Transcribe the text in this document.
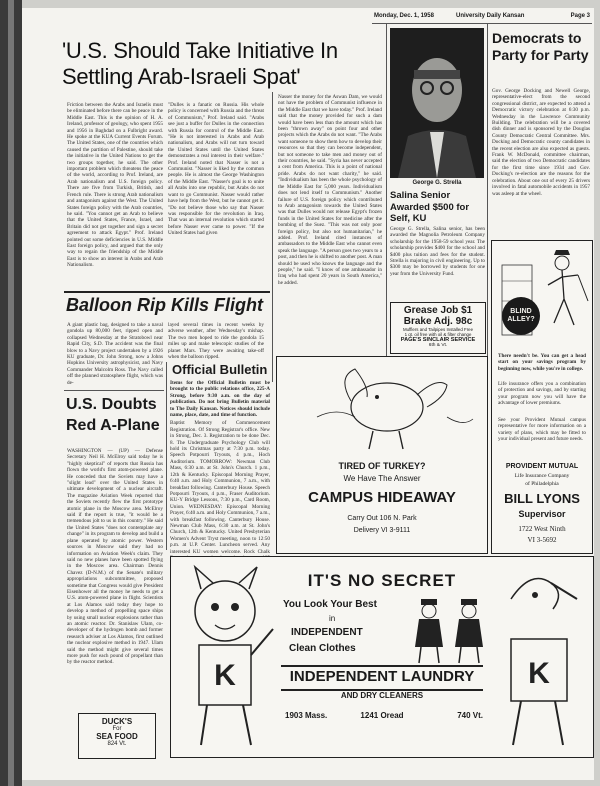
Monday, Dec. 1, 1958	University Daily Kansan	Page 3
'U.S. Should Take Initiative In Settling Arab-Israeli Spat'
Friction between the Arabs and Israelis must be eliminated before there can be peace in the Middle East. This is the opinion of H. A. Ireland, professor of geology, who spent 1955 and 1956 in Baghdad on a Fulbright award. He spoke at the KUA Current Events Forum. The United States, one of the countries which caused the partition of Palestine, should take the initiative in the United Nations to get the two groups together, he said. The other important problem which threatens the peace of the world, according to Prof. Ireland, are Arab nationalism and U.S. foreign policy. There are five from Turkish, British, and French rule. There is strong Arab nationalism and antagonism against the West. The United States foreign policy with the Arab countries, he said. "You cannot get an Arab to believe that the United States, France, Israel, and Britain did not get together and sign a secret agreement to attack Egypt." Prof. Ireland pointed out some deficiencies in U.S. Middle East foreign policy, and argued that the only way to regain the friendship of the Middle East is to show an interest in Arabs and Arab Nationalism.
"Dulles is a fanatic on Russia. His whole policy is concerned with Russia and the threat of Communism," Prof. Ireland said. "Arabs see just a buffer for Dulles in the connection with Russia for control of the Middle East. "He is not interested in Arabs and Arab nationalism, and Arabs will not turn toward the United States until the United States demonstrates a real interest in their welfare." Prof. Ireland noted that Nasser is not a Communist. "Nasser is liked by the common people. He is almost the George Washington of the Middle East. "Nasser's goal is to unite all Arabs into one republic, but Arabs do not want to go Communist. Nasser would rather have help from the West, but he cannot get it. "Do not believe those who say that Nasser was responsible for the revolution in Iraq. That was an internal revolution which started before Nasser ever came to power. "If the United States had given
Nasser the money for the Aswan Dam, we would not have the problem of Communist influence in the Middle East that we have today." Prof. Ireland said that the money provided for such a dam would have been less than the amount which has been "thrown away" on point four and other projects which the Arabs do not want. "The Arabs want someone to show them how to develop their resources so that they can become independent, but not someone to take men and money out of their countries, he said. "Syria has never accepted a cent from America. This is a point of national pride. Arabs do not want charity," he said. "Individualism has been the whole psychology of the Middle East for 5,000 years. Individualism does not lend itself to Communism." Another failure of U.S. foreign policy which contributed to Arab antagonism towards the United States was that Dulles would not release Egypt's frozen funds in the United States for medicine after the bombing of the Suez. "This was not only poor foreign policy, but also not humanitarian," he added. Prof. Ireland cited instances of ambassadors to the Middle East who cannot even speak the language. "A person goes two years to a post, and then he is shifted to another post. A man should be used who knows the language and the people," he said. "I know of one ambassador in Iraq who had spent 20 years in South America," he added.
Balloon Rip Kills Flight
A giant plastic bag, designed to take a naval gondola up 80,000 feet, ripped open and collapsed Wednesday at the Stratobowl near Rapid City, S.D. The accident was the final blow to a Navy project undertaken by a 1926 KU graduate, Dr. John Strong, now a Johns Hopkins University astrophysicist, and Navy Commander Malcolm Ross. The Navy called off the planned stratosphere flight, which was de-
layed several times in recent weeks by adverse weather, after Wednesday's mishap. The two men hoped to ride the gondola 15 miles up and make telescopic studies of the planet Mars. They were awaiting take-off when the balloon ripped.
U.S. Doubts Red A-Plane
WASHINGTON — (UP) — Defense Secretary Neil H. McElroy said today he is "highly skeptical" of reports that Russia has flown the world's first atom-powered plane. He conceded that the Soviets may have a "slight lead" over the United States in ultimate development of a nuclear aircraft. The magazine Aviation Week reported that the Soviets recently flew the first prototype atomic plane in the Moscow area. McElroy said if the report is true, "it would be a tremendous jolt to us in this country." He said the United States "does not contemplate any change" in its program to develop and build a plane operated by atomic power. Western sources in Moscow said they had no information on Aviation Week's claim. They said no new planes have been spotted flying in the Moscow area. Chairman Dennis Chavez (D-N.M.) of the Senate's military appropriations subcommittee, proposed sometime that Congress would give President Eisenhower all the money he needs to get a U.S. atom-powered plane in flight. Scientists at Los Alamos said today they hope to develop a method of propelling space ships by using small nuclear explosions rather than an atomic reactor. Dr. Stanislaw Ulam, co-developer of the hydrogen bomb and former research adviser at Los Alamos, first outlined the nuclear explosive method in 1947. Ulam said the method might give several times more push for each pound of propellant than by the reactor method.
DUCK'S
For
SEA FOOD
824 Vt.
Official Bulletin
Items for the Official Bulletin must be brought to the public relations office, 225-A Strong, before 9:30 a.m. on the day of publication. Do not bring Bulletin material to The Daily Kansan. Notices should include name, place, date, and time of function.
Baptist Memory of Commencement Registration. Of Strong Registrar's office. New in Strong, Dec. 3. Registration to be done Dec. 8. The Undergraduate Psychology Club will hold its Christmas party at 7:30 p.m. today. Speech Potpourri Tryouts, 4 p.m., Hoch Auditorium. TOMORROW: Newman Club Mass, 6:30 a.m. at St. John's Church. 1 p.m., 12th & Kentucky. Episcopal Morning Prayer, 6:40 a.m. and Holy Communion, 7 a.m., with breakfast following. Canterbury House. Speech Potpourri Tryouts, 4 p.m., Fraser Auditorium. KU-Y Bridge Lessons, 7:30 p.m., Card Room, Union. WEDNESDAY: Episcopal Morning Prayer, 6:40 a.m. and Holy Communion, 7 a.m., with breakfast following. Canterbury House. Newman Club Mass, 6:30 a.m. at St. John's Church, 12th & Kentucky. United Presbyterian Women's Advent Tryst meeting, noon to 12:50 p.m. at U.P. Center. Luncheon served. Any interested KU women welcome. Rock Chalk
George G. Strella
Salina Senior Awarded $500 for Self, KU
George G. Strella, Salina senior, has been awarded the Magnolia Petroleum Company scholarship for the 1958-59 school year. The scholarship provides $400 for the school and $400 plus tuition and fees for the student. Strella is majoring in civil engineering. Up to $300 may be borrowed by students for one year from the University Fund.
Grease Job $1
Brake Adj. 98c
Mufflers and Tailpipes Installed Free
1 qt. oil free with oil & filter change
PAGE'S SINCLAIR SERVICE
6th & Vt.
Democrats to Party for Party
Gov. George Docking and Newell George, representative-elect from the second congressional district, are expected to attend a Democratic victory celebration at 6:30 p.m. Wednesday in the Lawrence Community Building. The celebration will be a covered dish dinner and is sponsored by the Douglas County Democratic Central Committee. Mrs. Docking and Democratic county candidates in the recent election are also expected as guests. Frank W. McDonald, committee chairman, said the election of two Democratic candidates for the first time since 1934 and Gov. Docking's re-election are the reasons for the celebration. About one out of every 25 drivers involved in fatal automobile accidents in 1957 was asleep at the wheel.
BLIND ALLEY?
There needn't be. You can get a head start on your savings program by beginning now, while you're in college.
Life insurance offers you a combination of protection and savings, and by starting your program now you will have the advantage of lower premiums.
See your Provident Mutual campus representative for more information on a variety of plans, which may be fitted to your individual present and future needs.
PROVIDENT MUTUAL
Life Insurance Company
of Philadelphia
BILL LYONS
Supervisor
1722 West Ninth
VI 3-5692
TIRED OF TURKEY?
We Have The Answer
CAMPUS HIDEAWAY
Carry Out 106 N. Park
Delivery VI 3-9111
K	K
IT'S NO SECRET
You Look Your Best
in
INDEPENDENT
Clean Clothes
INDEPENDENT LAUNDRY
AND DRY CLEANERS
1903 Mass.	1241 Oread	740 Vt.
